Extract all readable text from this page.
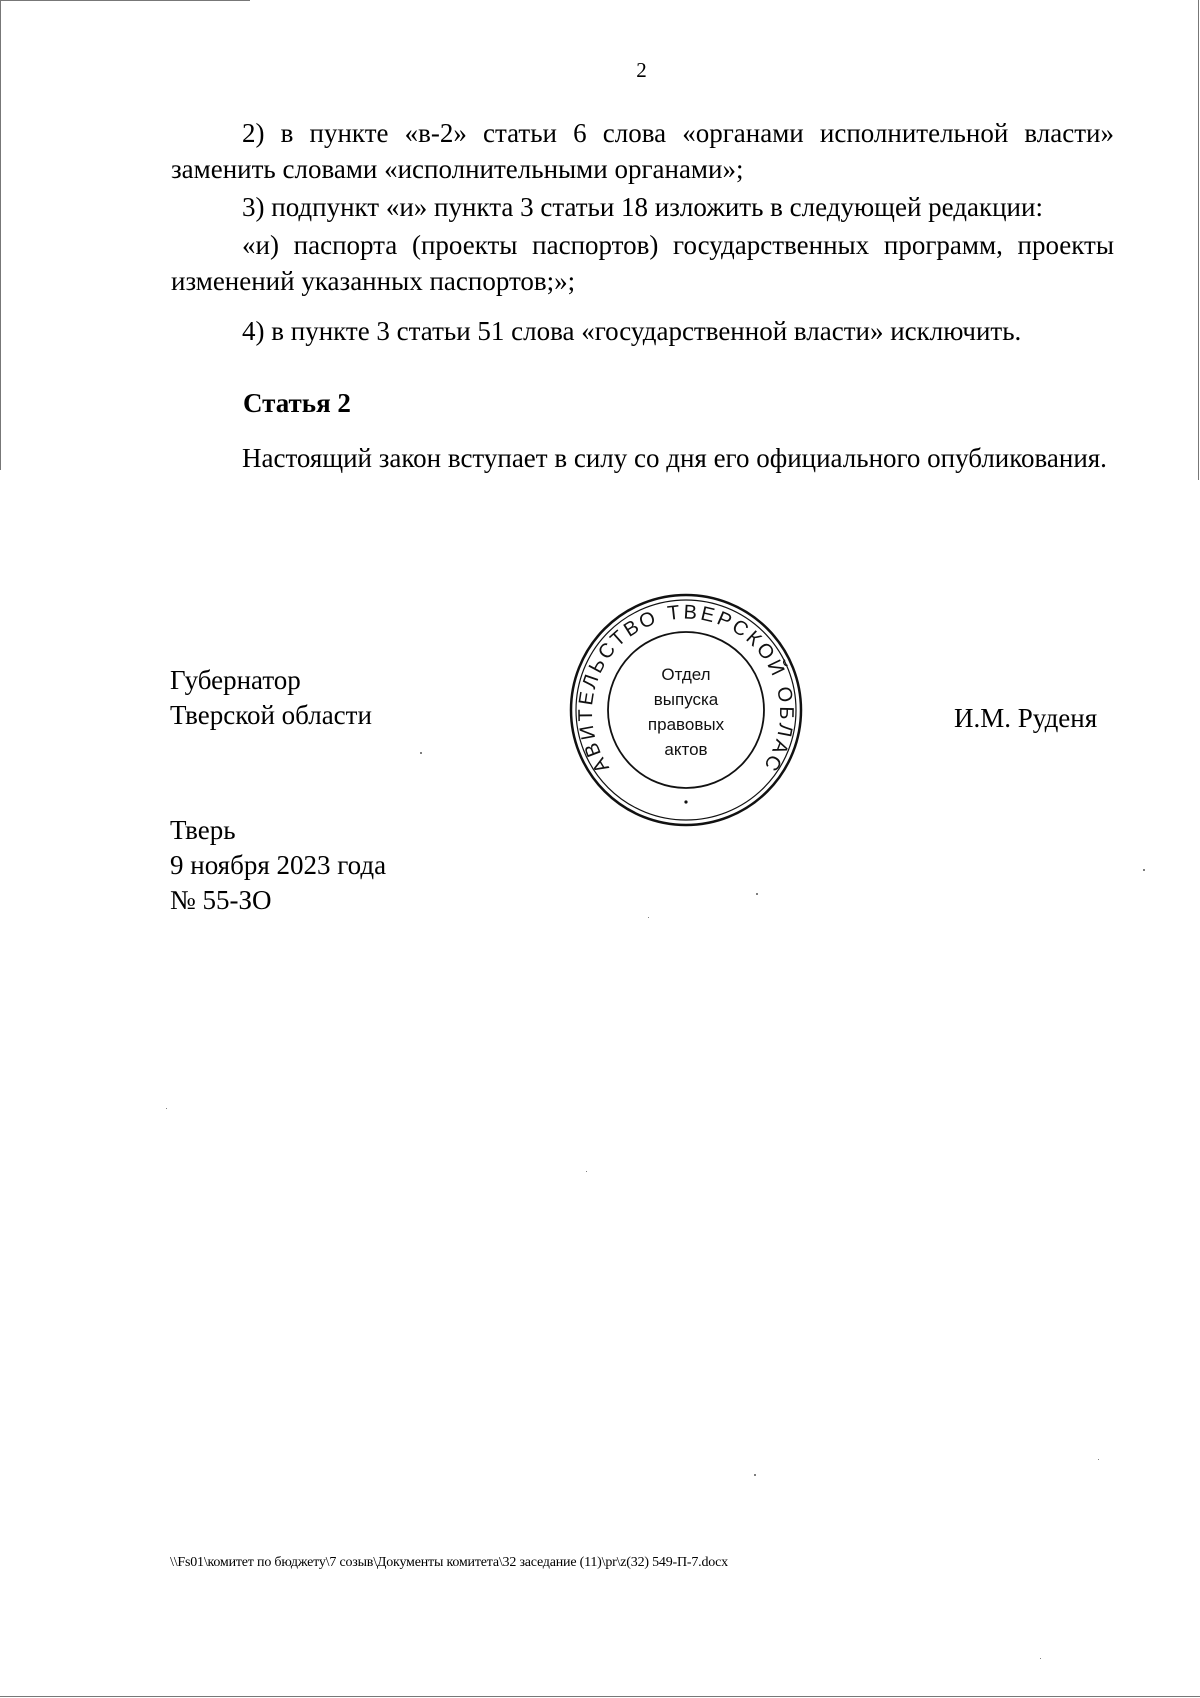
2

2) в пункте «в-2» статьи 6 слова «органами исполнительной власти» заменить словами «исполнительными органами»;

3) подпункт «и» пункта 3 статьи 18 изложить в следующей редакции:

«и) паспорта (проекты паспортов) государственных программ, проекты изменений указанных паспортов;»;

4) в пункте 3 статьи 51 слова «государственной власти» исключить.

Статья 2

Настоящий закон вступает в силу со дня его официального опубликования.

Губернатор
Тверской области	И.М. Руденя
АВИТЕЛЬСТВО ТВЕРСКОЙ ОБЛАС
Отдел
выпуска
правовых
актов
Тверь
9 ноября 2023 года
№ 55-ЗО
\\Fs01\комитет по бюджету\7 созыв\Документы комитета\32 заседание (11)\pr\z(32) 549-П-7.docx
